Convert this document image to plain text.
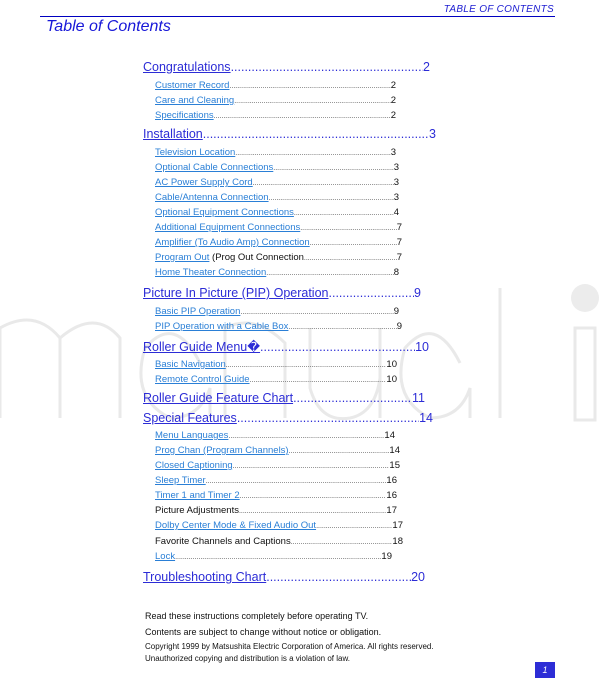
TABLE OF CONTENTS
Table of Contents
Congratulations .....	2
Customer Record .....	2
Care and Cleaning .....	2
Specifications .....	2
Installation .....	3
Television Location .....	3
Optional Cable Connections .....	3
AC Power Supply Cord .....	3
Cable/Antenna Connection .....	3
Optional Equipment Connections .....	4
Additional Equipment Connections .....	7
Amplifier (To Audio Amp) Connection .....	7
Program Out (Prog Out Connection .....	7
Home Theater Connection .....	8
Picture In Picture (PIP) Operation .....	9
Basic PIP Operation .....	9
PIP Operation with a Cable Box .....	9
Roller Guide Menu� .....	10
Basic Navigation .....	10
Remote Control Guide .....	10
Roller Guide Feature Chart .....	11
Special Features .....	14
Menu Languages .....	14
Prog Chan (Program Channels) .....	14
Closed Captioning .....	15
Sleep Timer .....	16
Timer 1 and Timer 2 .....	16
Picture Adjustments .....	17
Dolby Center Mode & Fixed Audio Out .....	17
Favorite Channels and Captions .....	18
Lock .....	19
Troubleshooting Chart .....	20
Read these instructions completely before operating TV.
Contents are subject to change without notice or obligation.
Copyright 1999 by Matsushita Electric Corporation of America. All rights reserved.
Unauthorized copying and distribution is a violation of law.
1
